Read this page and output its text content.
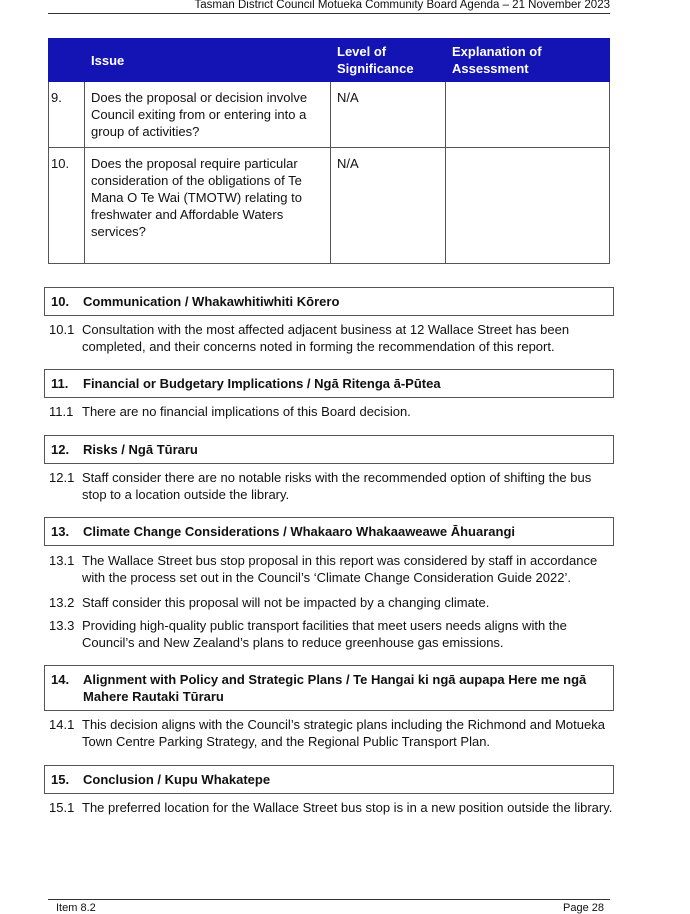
Tasman District Council Motueka Community Board Agenda – 21 November 2023
	Issue	Level of Significance	Explanation of Assessment
9.	Does the proposal or decision involve Council exiting from or entering into a group of activities?	N/A	
10.	Does the proposal require particular consideration of the obligations of Te Mana O Te Wai (TMOTW) relating to freshwater and Affordable Waters services?	N/A	
10.	Communication / Whakawhitiwhiti Kōrero
10.1 Consultation with the most affected adjacent business at 12 Wallace Street has been completed, and their concerns noted in forming the recommendation of this report.
11.	Financial or Budgetary Implications / Ngā Ritenga ā-Pūtea
11.1 There are no financial implications of this Board decision.
12.	Risks / Ngā Tūraru
12.1 Staff consider there are no notable risks with the recommended option of shifting the bus stop to a location outside the library.
13.	Climate Change Considerations / Whakaaro Whakaaweawe Āhuarangi
13.1 The Wallace Street bus stop proposal in this report was considered by staff in accordance with the process set out in the Council’s ‘Climate Change Consideration Guide 2022’.
13.2 Staff consider this proposal will not be impacted by a changing climate.
13.3 Providing high-quality public transport facilities that meet users needs aligns with the Council’s and New Zealand’s plans to reduce greenhouse gas emissions.
14.	Alignment with Policy and Strategic Plans / Te Hangai ki ngā aupapa Here me ngā Mahere Rautaki Tūraru
14.1 This decision aligns with the Council’s strategic plans including the Richmond and Motueka Town Centre Parking Strategy, and the Regional Public Transport Plan.
15.	Conclusion / Kupu Whakatepe
15.1 The preferred location for the Wallace Street bus stop is in a new position outside the library.
Item 8.2	Page 28
